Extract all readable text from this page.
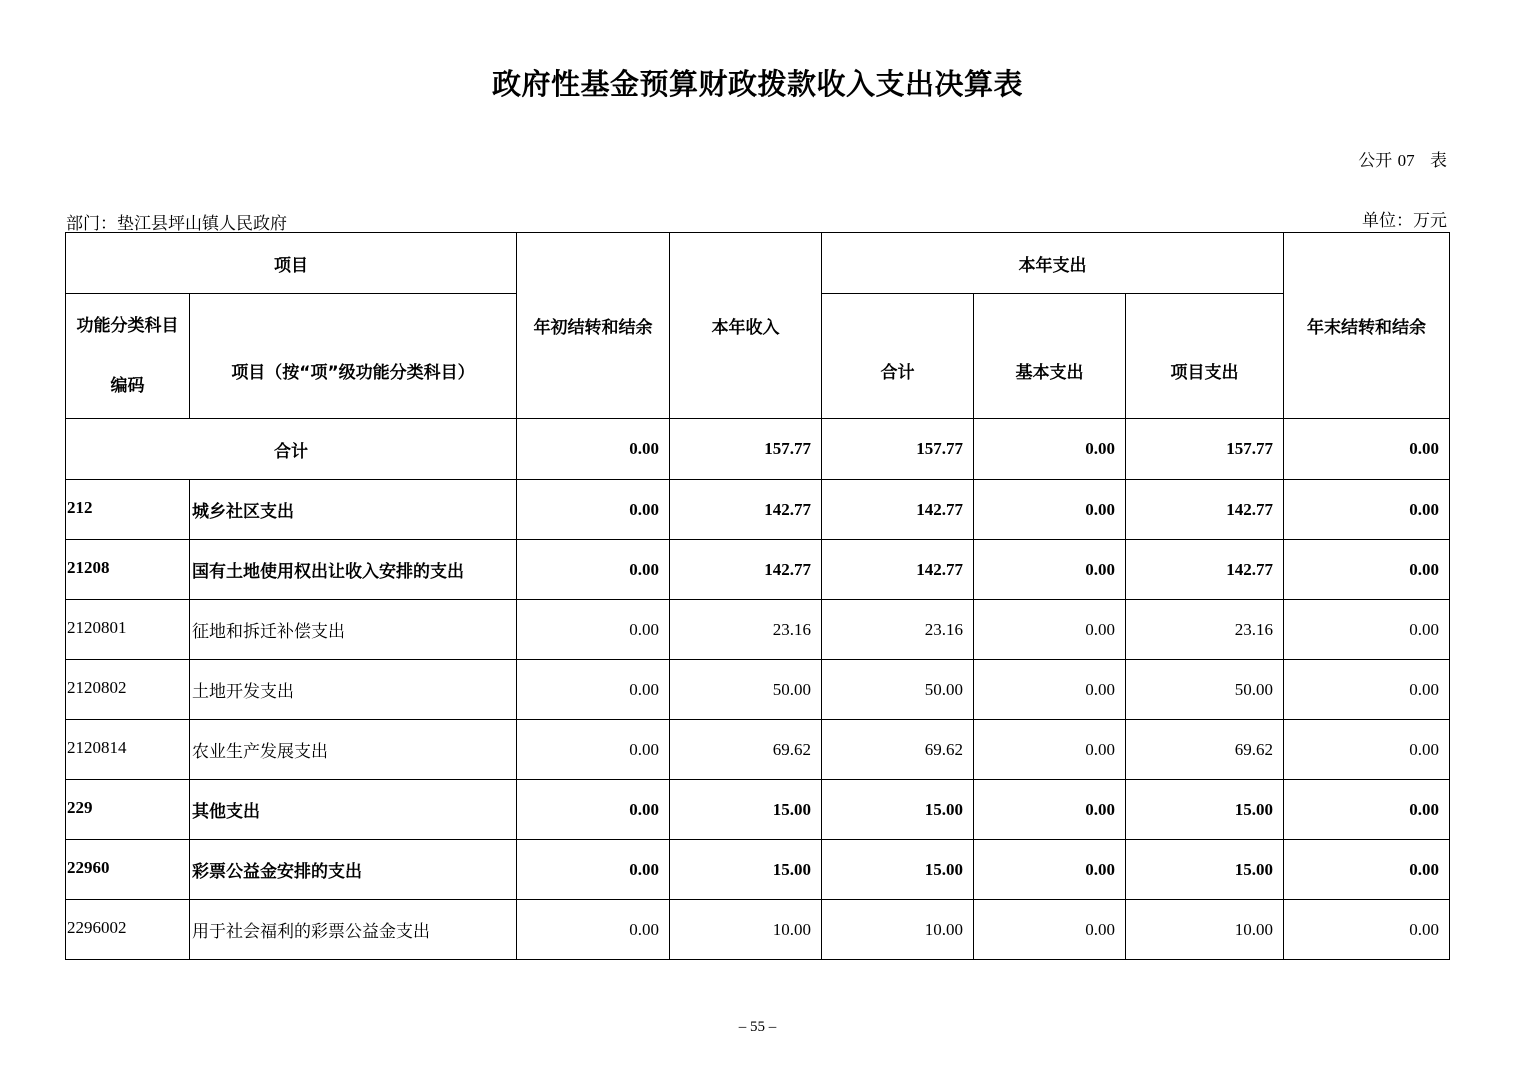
政府性基金预算财政拨款收入支出决算表
公开 07 表
部门：垫江县坪山镇人民政府	单位：万元
项目		年初结转和结余	本年收入	本年支出			年末结转和结余
功能分类科目

编码	项目（按“项”级功能分类科目）			合计	基本支出	项目支出	
合计		0.00	157.77	157.77	0.00	157.77	0.00
212	城乡社区支出	0.00	142.77	142.77	0.00	142.77	0.00
21208	国有土地使用权出让收入安排的支出	0.00	142.77	142.77	0.00	142.77	0.00
2120801	征地和拆迁补偿支出	0.00	23.16	23.16	0.00	23.16	0.00
2120802	土地开发支出	0.00	50.00	50.00	0.00	50.00	0.00
2120814	农业生产发展支出	0.00	69.62	69.62	0.00	69.62	0.00
229	其他支出	0.00	15.00	15.00	0.00	15.00	0.00
22960	彩票公益金安排的支出	0.00	15.00	15.00	0.00	15.00	0.00
2296002	用于社会福利的彩票公益金支出	0.00	10.00	10.00	0.00	10.00	0.00
– 55 –
